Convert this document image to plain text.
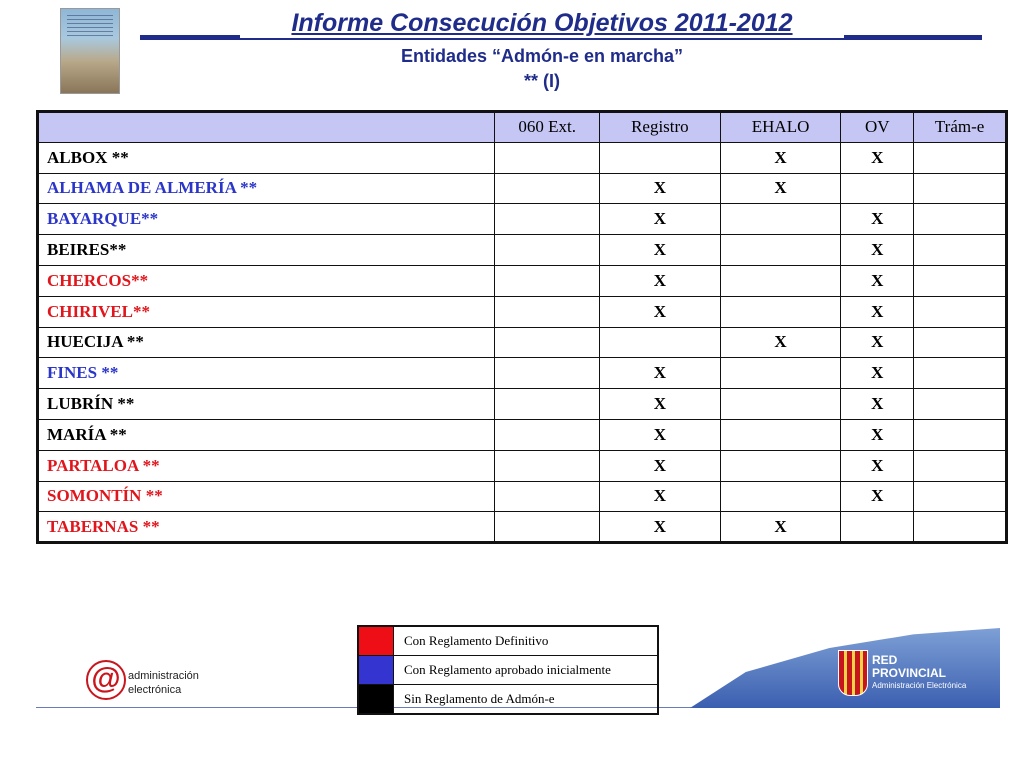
Informe Consecución Objetivos 2011-2012
Entidades “Admón-e en marcha”
** (I)
	060 Ext.	Registro	EHALO	OV	Trám-e
ALBOX **			X	X	
ALHAMA DE ALMERÍA **		X	X		
BAYARQUE**		X		X	
BEIRES**		X		X	
CHERCOS**		X		X	
CHIRIVEL**		X		X	
HUECIJA **			X	X	
FINES **		X		X	
LUBRÍN **		X		X	
MARÍA **		X		X	
PARTALOA **		X		X	
SOMONTÍN **		X		X	
TABERNAS **		X	X		
	Con Reglamento Definitivo
	Con Reglamento aprobado inicialmente
	Sin Reglamento de Admón-e
@ administración
electrónica
RED
PROVINCIAL
Administración Electrónica
